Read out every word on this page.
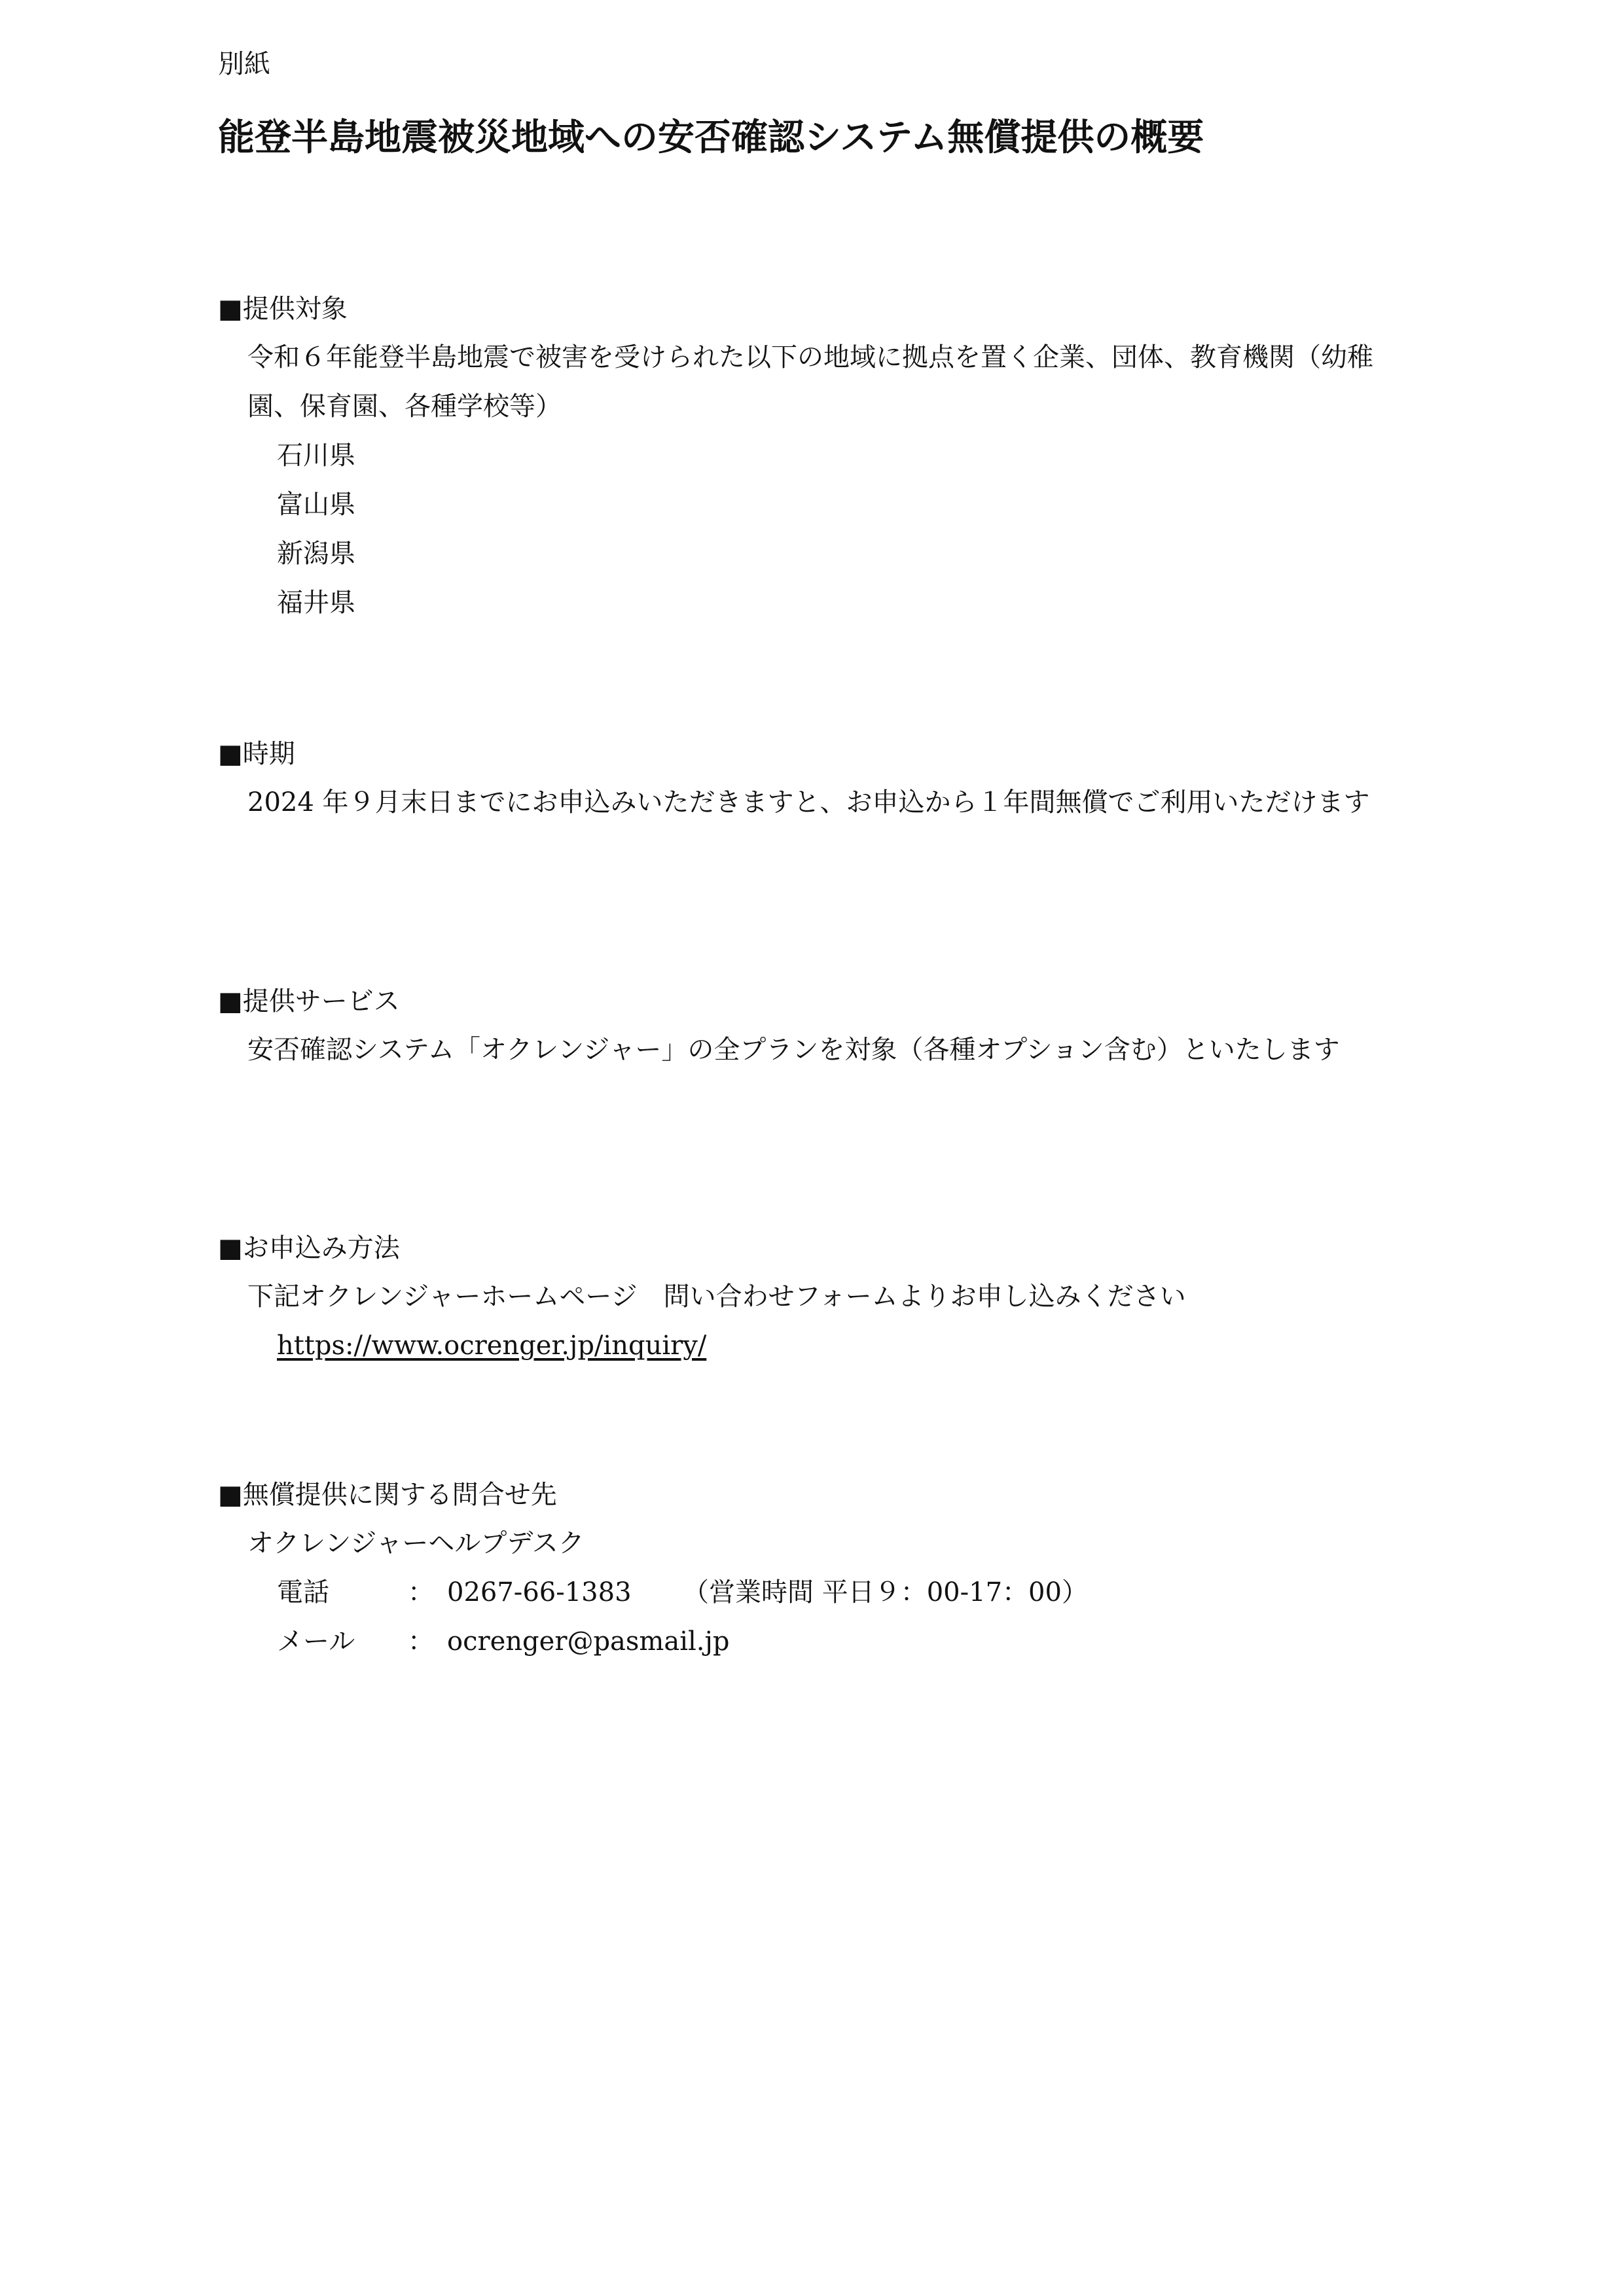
別紙
能登半島地震被災地域への安否確認システム無償提供の概要
■提供対象
令和６年能登半島地震で被害を受けられた以下の地域に拠点を置く企業、団体、教育機関（幼稚園、保育園、各種学校等）
石川県
富山県
新潟県
福井県
■時期
2024 年９月末日までにお申込みいただきますと、お申込から１年間無償でご利用いただけます
■提供サービス
安否確認システム「オクレンジャー」の全プランを対象（各種オプション含む）といたします
■お申込み方法
下記オクレンジャーホームページ　問い合わせフォームよりお申し込みください
https://www.ocrenger.jp/inquiry/
■無償提供に関する問合せ先
オクレンジャーヘルプデスク
電話	： 0267-66-1383	（営業時間 平日９：00-17：00）
メール	： ocrenger@pasmail.jp
